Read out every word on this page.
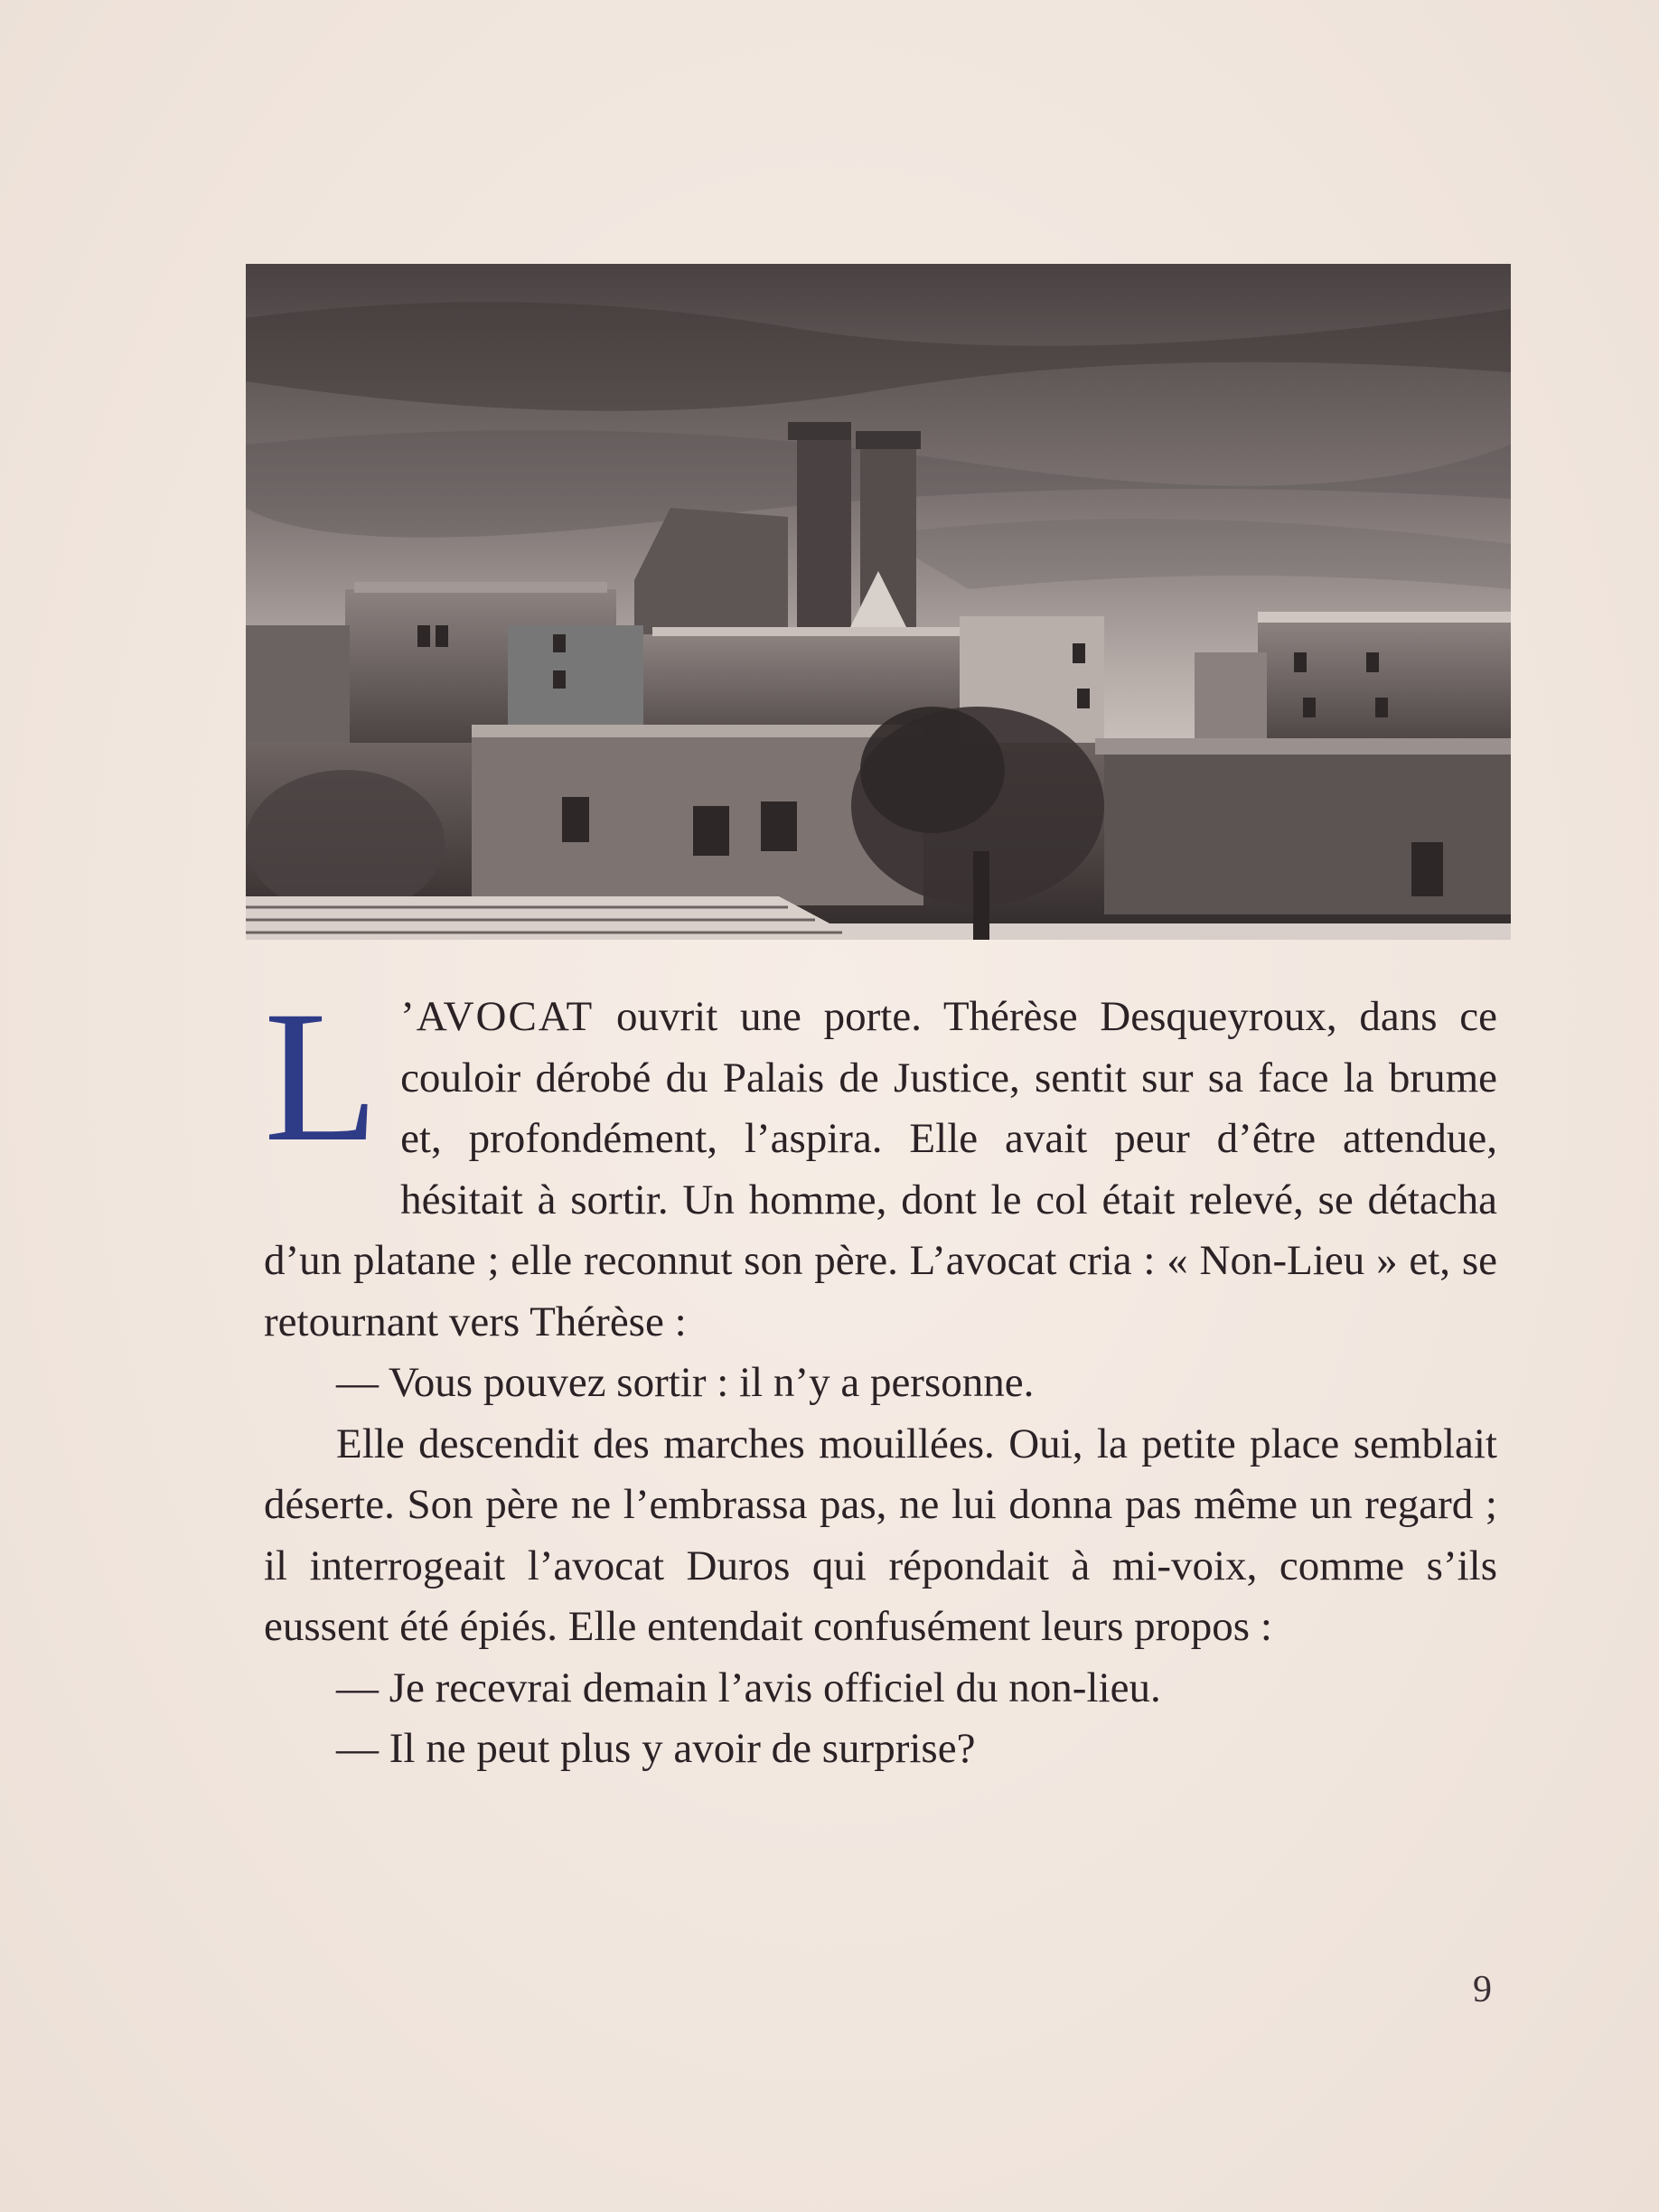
L ’AVOCAT ouvrit une porte. Thérèse Desqueyroux, dans ce couloir dérobé du Palais de Justice, sentit sur sa face la brume et, profondément, l’aspira. Elle avait peur d’être attendue, hésitait à sortir. Un homme, dont le col était relevé, se détacha d’un platane ; elle reconnut son père. L’avocat cria : « Non-Lieu » et, se retournant vers Thérèse :

— Vous pouvez sortir : il n’y a personne.

Elle descendit des marches mouillées. Oui, la petite place semblait déserte. Son père ne l’embrassa pas, ne lui donna pas même un regard ; il interrogeait l’avocat Duros qui répondait à mi-voix, comme s’ils eussent été épiés. Elle entendait confusément leurs propos :

— Je recevrai demain l’avis officiel du non-lieu.

— Il ne peut plus y avoir de surprise?

9
